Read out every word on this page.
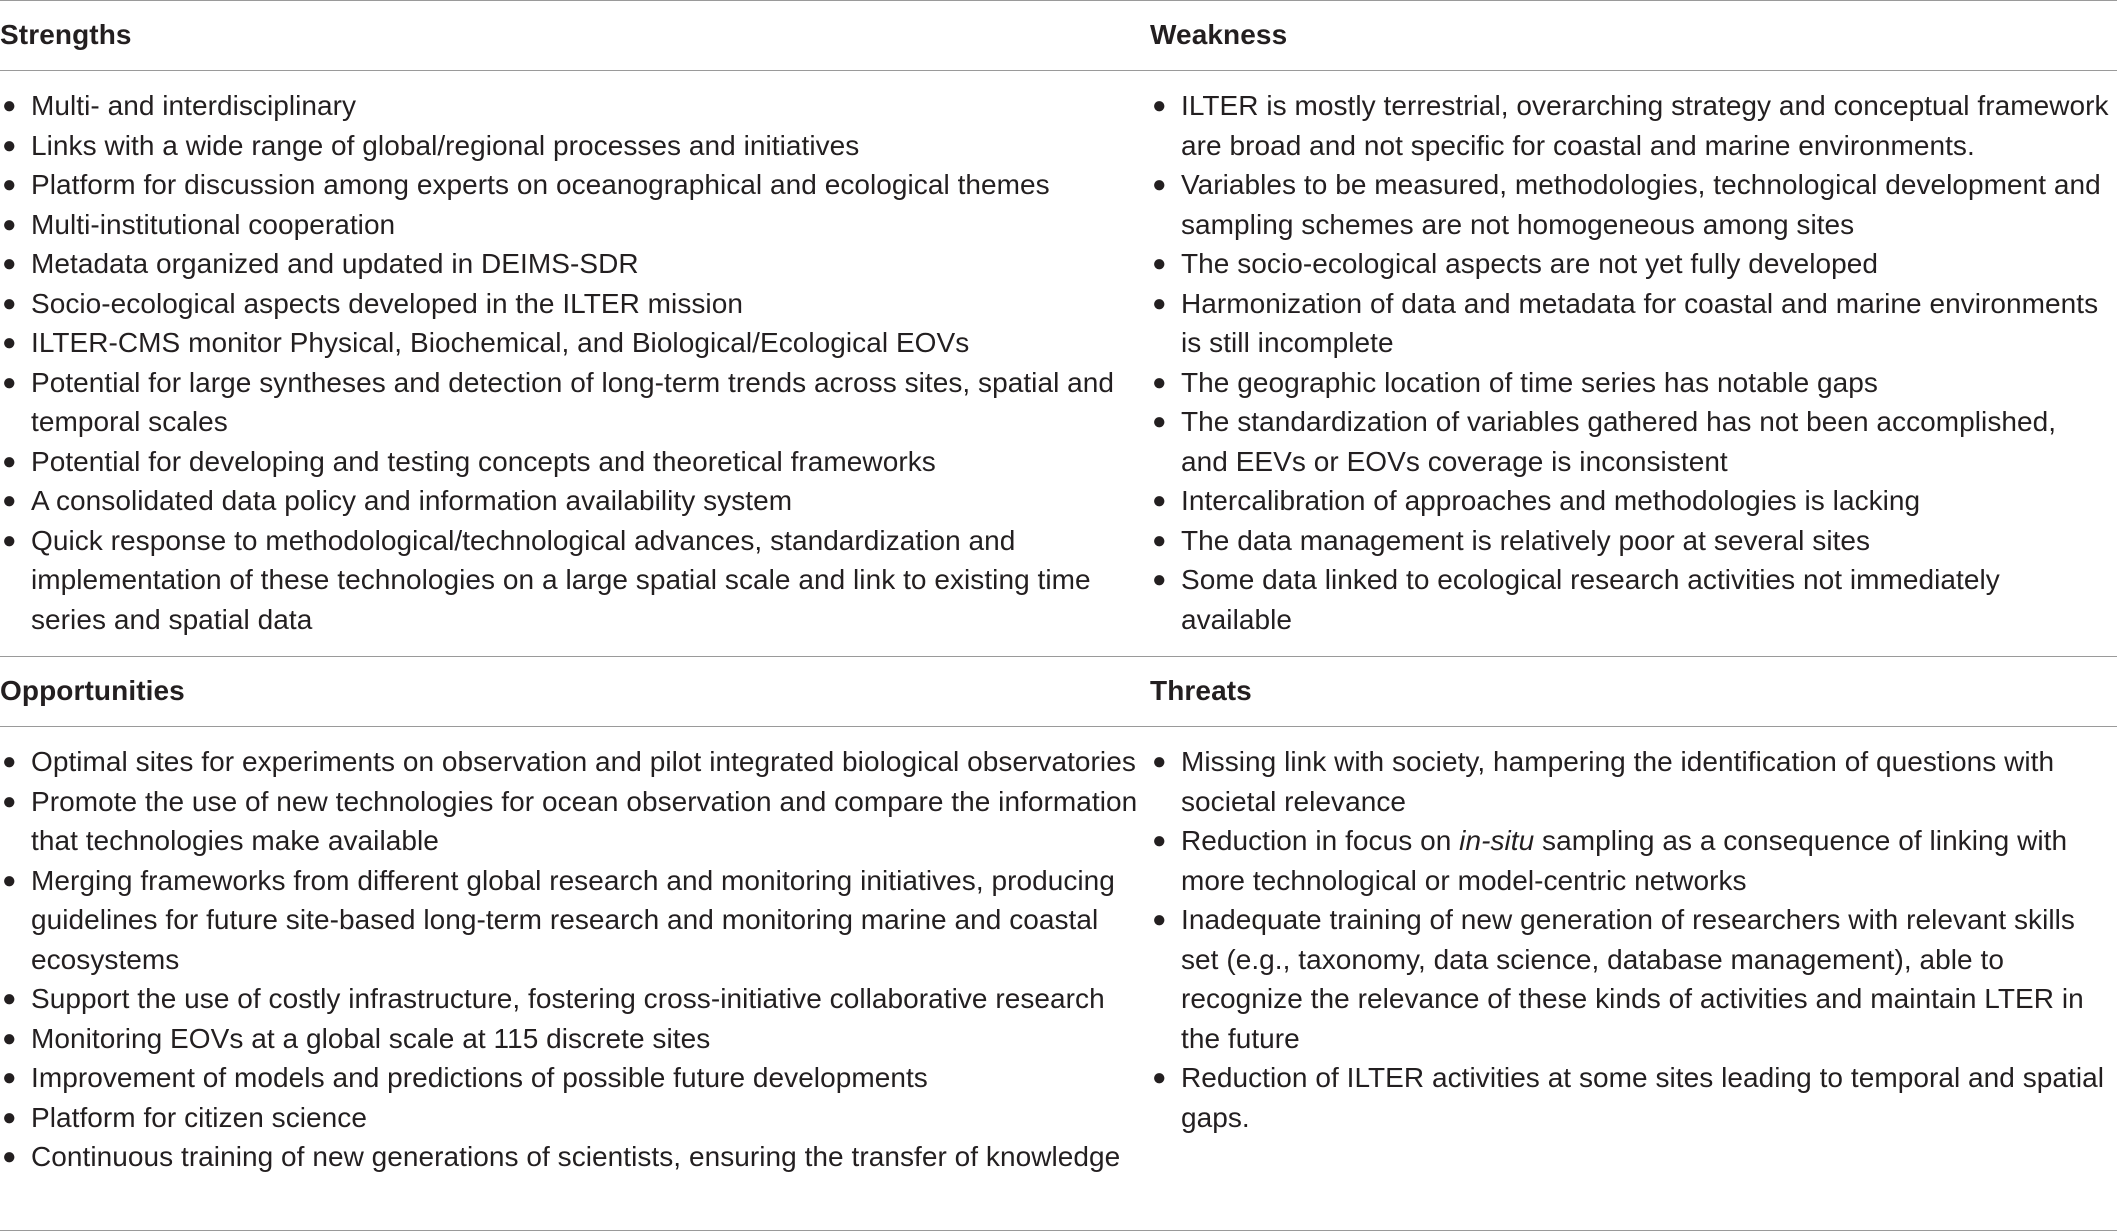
Strengths	Weakness
● Multi- and interdisciplinary
● Links with a wide range of global/regional processes and initiatives
● Platform for discussion among experts on oceanographical and ecological themes
● Multi-institutional cooperation
● Metadata organized and updated in DEIMS-SDR
● Socio-ecological aspects developed in the ILTER mission
● ILTER-CMS monitor Physical, Biochemical, and Biological/Ecological EOVs
● Potential for large syntheses and detection of long-term trends across sites, spatial and temporal scales
● Potential for developing and testing concepts and theoretical frameworks
● A consolidated data policy and information availability system
● Quick response to methodological/technological advances, standardization and implementation of these technologies on a large spatial scale and link to existing time series and spatial data
● ILTER is mostly terrestrial, overarching strategy and conceptual framework are broad and not specific for coastal and marine environments.
● Variables to be measured, methodologies, technological development and sampling schemes are not homogeneous among sites
● The socio-ecological aspects are not yet fully developed
● Harmonization of data and metadata for coastal and marine environments is still incomplete
● The geographic location of time series has notable gaps
● The standardization of variables gathered has not been accomplished, and EEVs or EOVs coverage is inconsistent
● Intercalibration of approaches and methodologies is lacking
● The data management is relatively poor at several sites
● Some data linked to ecological research activities not immediately available
Opportunities	Threats
● Optimal sites for experiments on observation and pilot integrated biological observatories
● Promote the use of new technologies for ocean observation and compare the information that technologies make available
● Merging frameworks from different global research and monitoring initiatives, producing guidelines for future site-based long-term research and monitoring marine and coastal ecosystems
● Support the use of costly infrastructure, fostering cross-initiative collaborative research
● Monitoring EOVs at a global scale at 115 discrete sites
● Improvement of models and predictions of possible future developments
● Platform for citizen science
● Continuous training of new generations of scientists, ensuring the transfer of knowledge
● Missing link with society, hampering the identification of questions with societal relevance
● Reduction in focus on in-situ sampling as a consequence of linking with more technological or model-centric networks
● Inadequate training of new generation of researchers with relevant skills set (e.g., taxonomy, data science, database management), able to recognize the relevance of these kinds of activities and maintain LTER in the future
● Reduction of ILTER activities at some sites leading to temporal and spatial gaps.
